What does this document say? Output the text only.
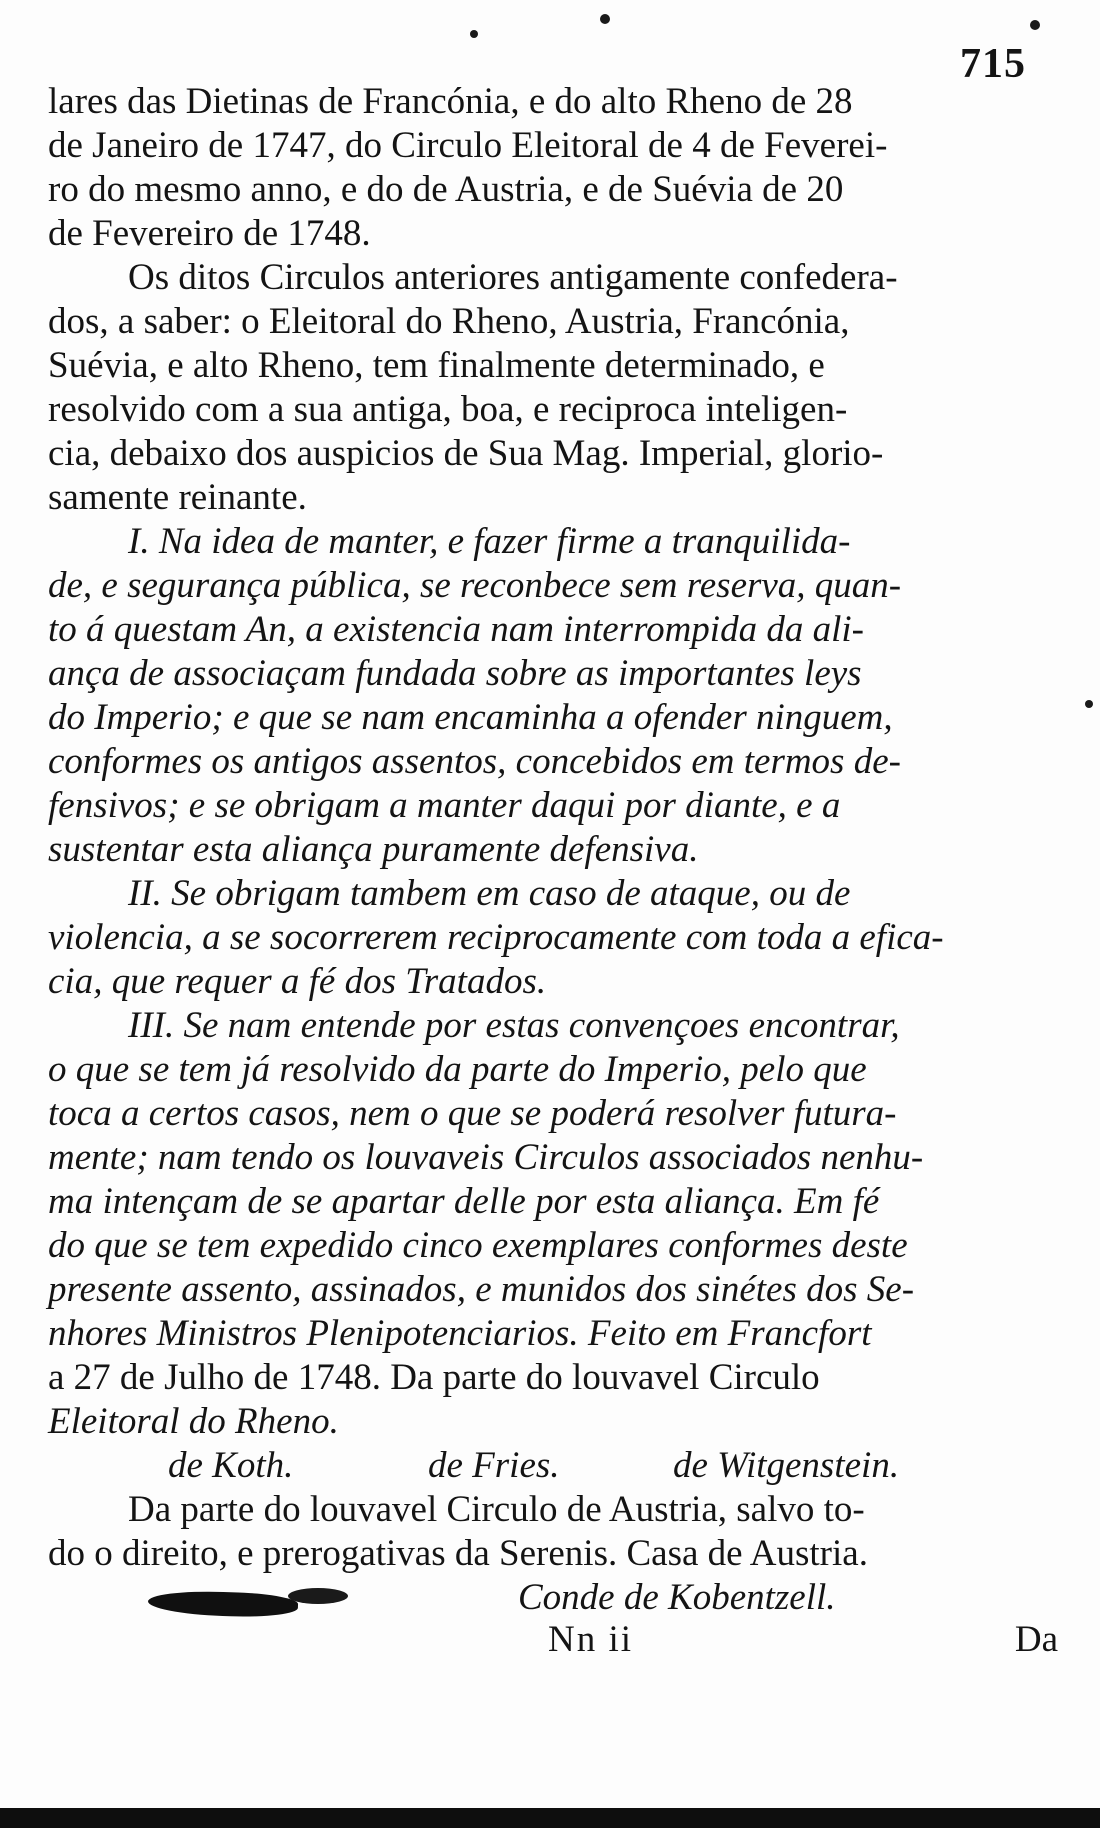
715
lares das Dietinas de Francónia, e do alto Rheno de 28
de Janeiro de 1747, do Circulo Eleitoral de 4 de Feverei-
ro do mesmo anno, e do de Austria, e de Suévia de 20
de Fevereiro de 1748.
Os ditos Circulos anteriores antigamente confedera-
dos, a saber: o Eleitoral do Rheno, Austria, Francónia,
Suévia, e alto Rheno, tem finalmente determinado, e
resolvido com a sua antiga, boa, e reciproca inteligen-
cia, debaixo dos auspicios de Sua Mag. Imperial, glorio-
samente reinante.
I. Na idea de manter, e fazer firme a tranquilida-
de, e segurança pública, se reconbece sem reserva, quan-
to á questam An, a existencia nam interrompida da ali-
ança de associaçam fundada sobre as importantes leys
do Imperio; e que se nam encaminha a ofender ninguem,
conformes os antigos assentos, concebidos em termos de-
fensivos; e se obrigam a manter daqui por diante, e a
sustentar esta aliança puramente defensiva.
II. Se obrigam tambem em caso de ataque, ou de
violencia, a se socorrerem reciprocamente com toda a efica-
cia, que requer a fé dos Tratados.
III. Se nam entende por estas convençoes encontrar,
o que se tem já resolvido da parte do Imperio, pelo que
toca a certos casos, nem o que se poderá resolver futura-
mente; nam tendo os louvaveis Circulos associados nenhu-
ma intençam de se apartar delle por esta aliança. Em fé
do que se tem expedido cinco exemplares conformes deste
presente assento, assinados, e munidos dos sinétes dos Se-
nhores Ministros Plenipotenciarios. Feito em Francfort
a 27 de Julho de 1748. Da parte do louvavel Circulo
Eleitoral do Rheno.
de Koth.	de Fries.	de Witgenstein.
Da parte do louvavel Circulo de Austria, salvo to-
do o direito, e prerogativas da Serenis. Casa de Austria.
Conde de Kobentzell.
Nn ii	Da
